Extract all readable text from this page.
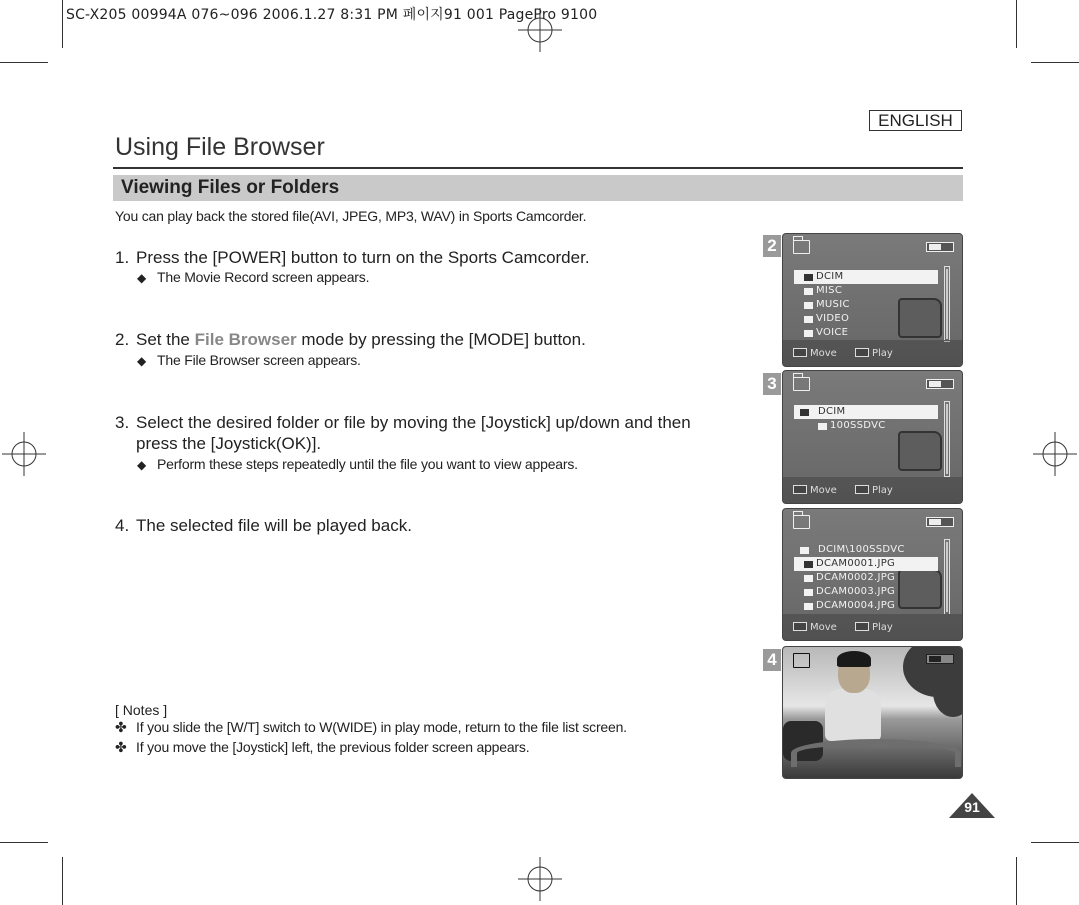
SC-X205 00994A 076~096 2006.1.27 8:31 PM 페이지91 001 PagePro 9100
ENGLISH
Using File Browser
Viewing Files or Folders
You can play back the stored file(AVI, JPEG, MP3, WAV) in Sports Camcorder.
1. Press the [POWER] button to turn on the Sports Camcorder.
◆ The Movie Record screen appears.
2. Set the File Browser mode by pressing the [MODE] button.
◆ The File Browser screen appears.
3. Select the desired folder or file by moving the [Joystick] up/down and then
press the [Joystick(OK)].
◆ Perform these steps repeatedly until the file you want to view appears.
4. The selected file will be played back.
[ Notes ]
✤ If you slide the [W/T] switch to W(WIDE) in play mode, return to the file list screen.
✤ If you move the [Joystick] left, the previous folder screen appears.
2
3
4
DCIM
MISC
MUSIC
VIDEO
VOICE
Move	Play
DCIM
100SSDVC
Move	Play
DCIM\100SSDVC
DCAM0001.JPG
DCAM0002.JPG
DCAM0003.JPG
DCAM0004.JPG
Move	Play
91
